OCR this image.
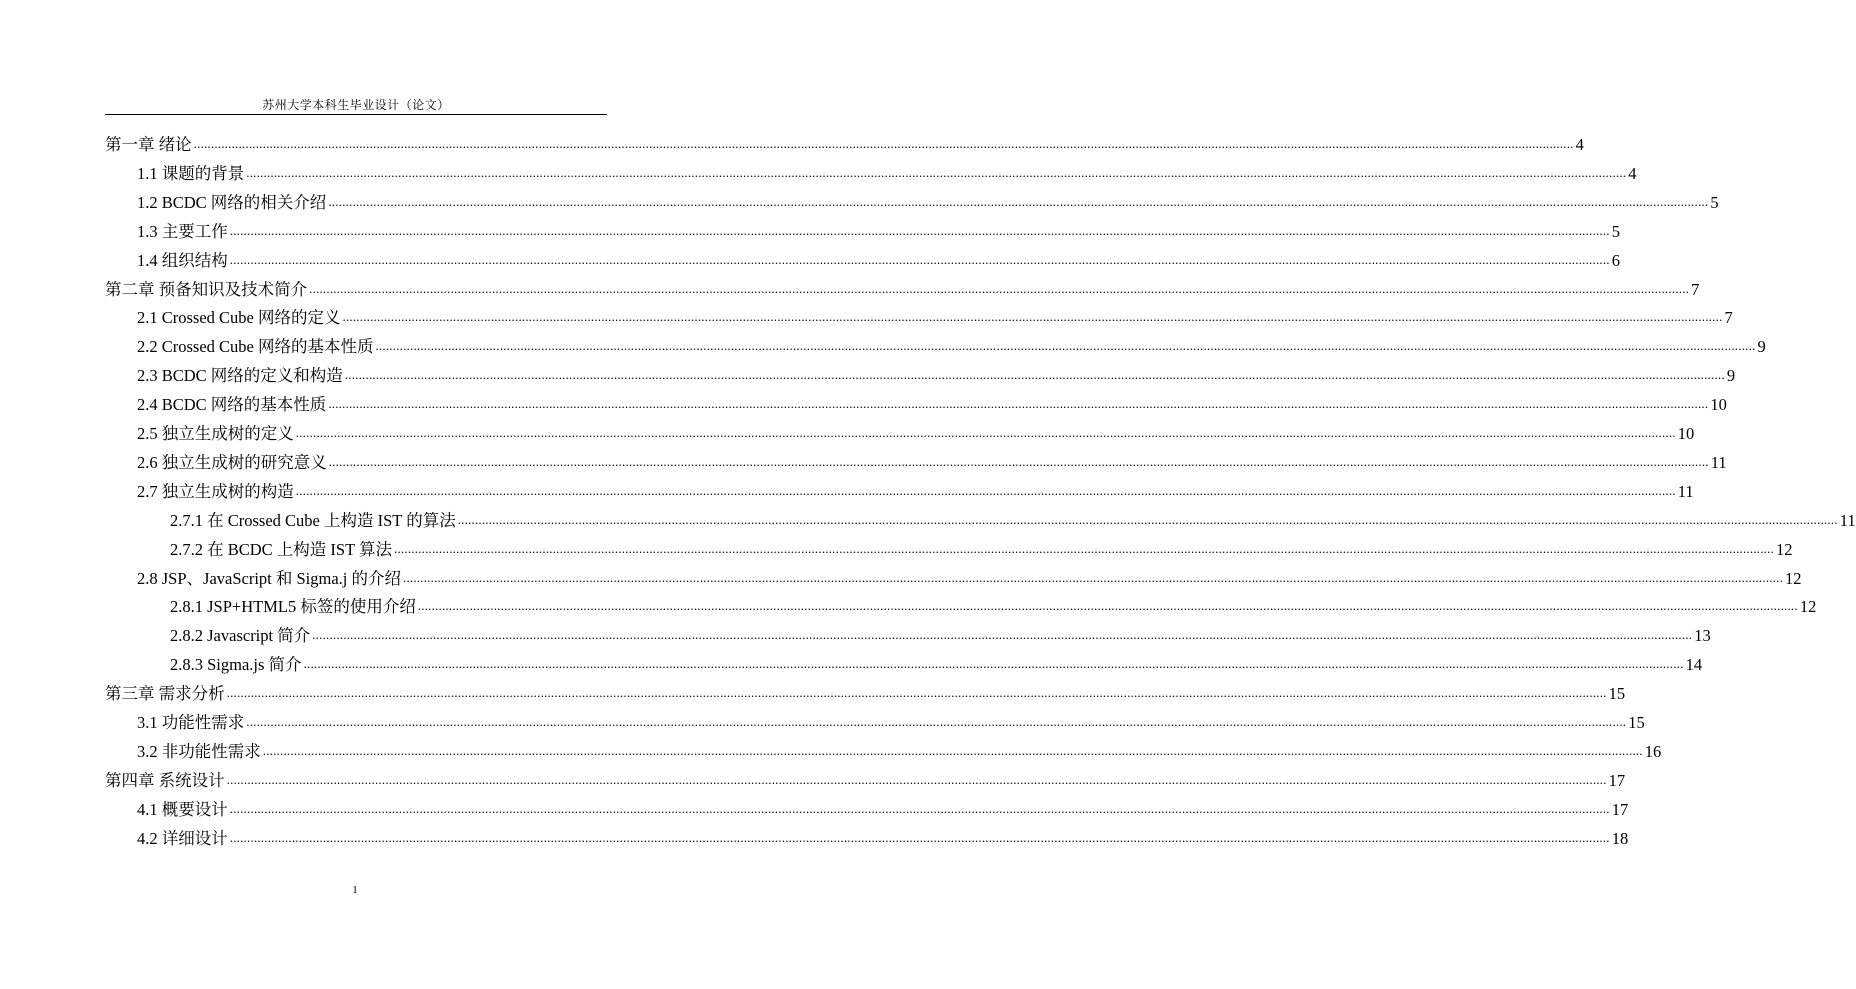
苏州大学本科生毕业设计（论文）
第一章 绪论 ................................................................................................................................................................................................................................................................................................................................................................................................................ 4
1.1 课题的背景 ................................................................................................................................................................................................................................................................................................................................................................................................................ 4
1.2 BCDC 网络的相关介绍 ................................................................................................................................................................................................................................................................................................................................................................................................................ 5
1.3 主要工作 ................................................................................................................................................................................................................................................................................................................................................................................................................ 5
1.4 组织结构 ................................................................................................................................................................................................................................................................................................................................................................................................................ 6
第二章 预备知识及技术简介 ................................................................................................................................................................................................................................................................................................................................................................................................................ 7
2.1 Crossed Cube 网络的定义 ................................................................................................................................................................................................................................................................................................................................................................................................................ 7
2.2 Crossed Cube 网络的基本性质 ................................................................................................................................................................................................................................................................................................................................................................................................................ 9
2.3 BCDC 网络的定义和构造 ................................................................................................................................................................................................................................................................................................................................................................................................................ 9
2.4 BCDC 网络的基本性质 ................................................................................................................................................................................................................................................................................................................................................................................................................ 10
2.5 独立生成树的定义 ................................................................................................................................................................................................................................................................................................................................................................................................................ 10
2.6 独立生成树的研究意义 ................................................................................................................................................................................................................................................................................................................................................................................................................ 11
2.7 独立生成树的构造 ................................................................................................................................................................................................................................................................................................................................................................................................................ 11
2.7.1 在 Crossed Cube 上构造 IST 的算法 ................................................................................................................................................................................................................................................................................................................................................................................................................ 11
2.7.2 在 BCDC 上构造 IST 算法 ................................................................................................................................................................................................................................................................................................................................................................................................................ 12
2.8 JSP、JavaScript 和 Sigma.j 的介绍 ................................................................................................................................................................................................................................................................................................................................................................................................................ 12
2.8.1 JSP+HTML5 标签的使用介绍 ................................................................................................................................................................................................................................................................................................................................................................................................................ 12
2.8.2 Javascript 简介 ................................................................................................................................................................................................................................................................................................................................................................................................................ 13
2.8.3 Sigma.js 简介 ................................................................................................................................................................................................................................................................................................................................................................................................................ 14
第三章 需求分析 ................................................................................................................................................................................................................................................................................................................................................................................................................ 15
3.1 功能性需求 ................................................................................................................................................................................................................................................................................................................................................................................................................ 15
3.2 非功能性需求 ................................................................................................................................................................................................................................................................................................................................................................................................................ 16
第四章 系统设计 ................................................................................................................................................................................................................................................................................................................................................................................................................ 17
4.1 概要设计 ................................................................................................................................................................................................................................................................................................................................................................................................................ 17
4.2 详细设计 ................................................................................................................................................................................................................................................................................................................................................................................................................ 18
1
